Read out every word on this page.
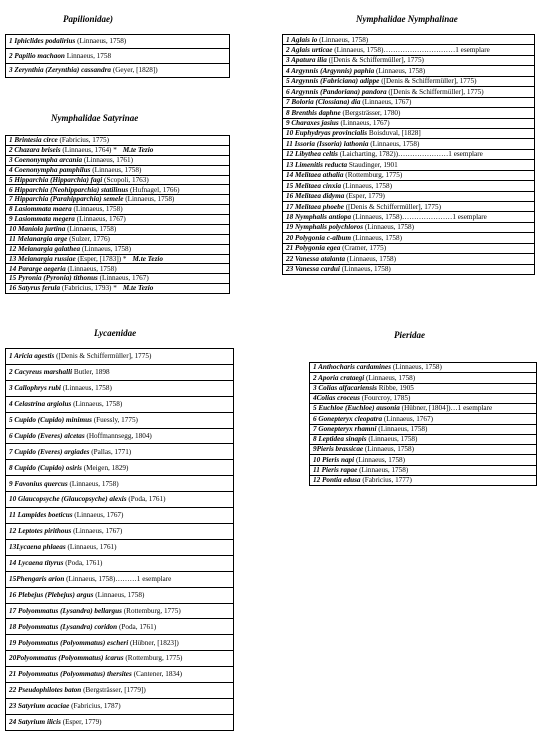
Papilionidae)
1 Iphiclides podalirius (Linnaeus, 1758)
2 Papilio machaon Linnaeus, 1758
3 Zerynthia (Zerynthia) cassandra (Geyer, [1828])
Nymphalidae Satyrinae
1 Brintesia circe (Fabricius, 1775)
2 Chazara briseis (Linnaeus, 1764) * M.te Tezio
3 Coenonympha arcania (Linnaeus, 1761)
4 Coenonympha pamphilus (Linnaeus, 1758)
5 Hipparchia (Hipparchia) fagi (Scopoli, 1763)
6 Hipparchia (Neohipparchia) statilinus (Hufnagel, 1766)
7 Hipparchia (Parahipparchia) semele (Linnaeus, 1758)
8 Lasiommata maera (Linnaeus, 1758)
9 Lasiommata megera (Linnaeus, 1767)
10 Maniola jurtina (Linnaeus, 1758)
11 Melanargia arge (Sulzer, 1776)
12 Melanargia galathea (Linnaeus, 1758)
13 Melanargia russiae (Esper, [1783]) * M.te Tezio
14 Pararge aegeria (Linnaeus, 1758)
15 Pyronia (Pyronia) tithonus (Linnaeus, 1767)
16 Satyrus ferula (Fabricius, 1793) * M.te Tezio
Nymphalidae Nymphalinae
1 Aglais io (Linnaeus, 1758)
2 Aglais urticae (Linnaeus, 1758)…………………………1 esemplare
3 Apatura ilia ([Denis & Schiffermüller], 1775)
4 Argynnis (Argynnis) paphia (Linnaeus, 1758)
5 Argynnis (Fabriciana) adippe ([Denis & Schiffermüller], 1775)
6 Argynnis (Pandoriana) pandora ([Denis & Schiffermüller], 1775)
7 Boloria (Clossiana) dia (Linnaeus, 1767)
8 Brenthis daphne (Bergsträsser, 1780)
9 Charaxes jasius (Linnaeus, 1767)
10 Euphydryas provincialis Boisduval, [1828]
11 Issoria (Issoria) lathonia (Linnaeus, 1758)
12 Libythea celtis (Laicharting, 1782))…………………1 esemplare
13 Limenitis reducta Staudinger, 1901
14 Melitaea athalia (Rottemburg, 1775)
15 Melitaea cinxia (Linnaeus, 1758)
16 Melitaea didyma (Esper, 1779)
17 Melitaea phoebe ([Denis & Schiffermüller], 1775)
18 Nymphalis antiopa (Linnaeus, 1758)…………………1 esemplare
19 Nymphalis polychloros (Linnaeus, 1758)
20 Polygonia c-album (Linnaeus, 1758)
21 Polygonia egea (Cramer, 1775)
22 Vanessa atalanta (Linnaeus, 1758)
23 Vanessa cardui (Linnaeus, 1758)
Lycaenidae
1 Aricia agestis ([Denis & Schiffermüller], 1775)
2 Cacyreus marshalli Butler, 1898
3 Callophrys rubi (Linnaeus, 1758)
4 Celastrina argiolus (Linnaeus, 1758)
5 Cupido (Cupido) minimus (Fuessly, 1775)
6 Cupido (Everes) alcetas (Hoffmannsegg, 1804)
7 Cupido (Everes) argiades (Pallas, 1771)
8 Cupido (Cupido) osiris (Meigen, 1829)
9 Favonius quercus (Linnaeus, 1758)
10 Glaucopsyche (Glaucopsyche) alexis (Poda, 1761)
11 Lampides boeticus (Linnaeus, 1767)
12 Leptotes pirithous (Linnaeus, 1767)
13Lycaena phlaeas (Linnaeus, 1761)
14 Lycaena tityrus (Poda, 1761)
15Phengaris arion (Linnaeus, 1758)………1 esemplare
16 Plebejus (Plebejus) argus (Linnaeus, 1758)
17 Polyommatus (Lysandra) bellargus (Rottemburg, 1775)
18 Polyommatus (Lysandra) coridon (Poda, 1761)
19 Polyommatus (Polyommatus) escheri (Hübner, [1823])
20Polyommatus (Polyommatus) icarus (Rottemburg, 1775)
21 Polyommatus (Polyommatus) thersites (Cantener, 1834)
22 Pseudophilotes baton (Bergsträsser, [1779])
23 Satyrium acaciae (Fabricius, 1787)
24 Satyrium ilicis (Esper, 1779)
Pieridae
1 Anthocharis cardamines (Linnaeus, 1758)
2 Aporia crataegi (Linnaeus, 1758)
3 Colias alfacariensis Ribbe, 1905
4Colias croceus (Fourcroy, 1785)
5 Euchloe (Euchloe) ausonia (Hübner, [1804])…1 esemplare
6 Gonepteryx cleopatra (Linnaeus, 1767)
7 Gonepteryx rhamni (Linnaeus, 1758)
8 Leptidea sinapis (Linnaeus, 1758)
9Pieris brassicae (Linnaeus, 1758)
10 Pieris napi (Linnaeus, 1758)
11 Pieris rapae (Linnaeus, 1758)
12 Pontia edusa (Fabricius, 1777)
